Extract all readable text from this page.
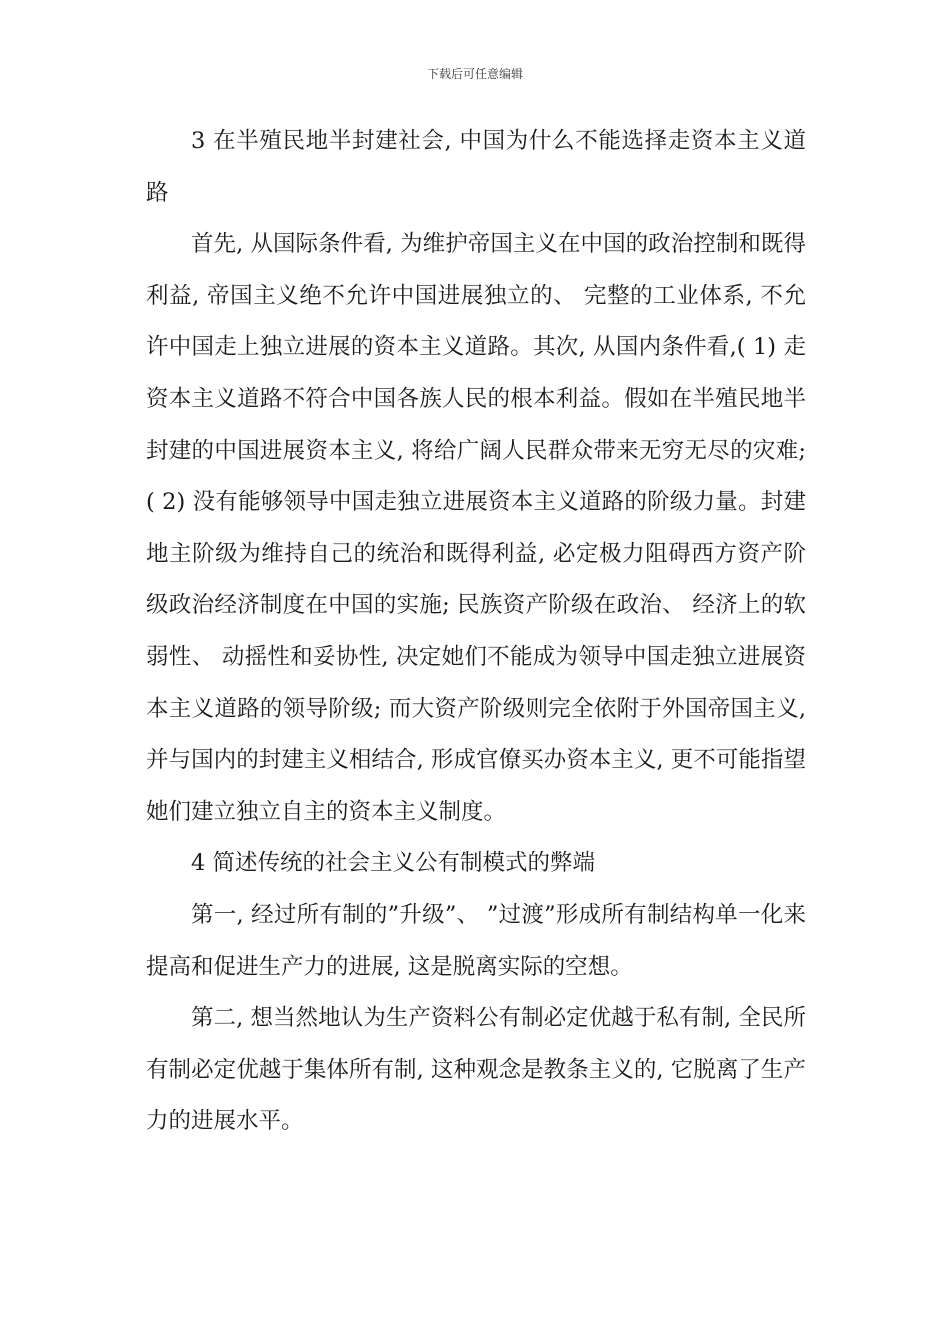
下载后可任意编辑

3 在半殖民地半封建社会, 中国为什么不能选择走资本主义道路

首先, 从国际条件看, 为维护帝国主义在中国的政治控制和既得利益, 帝国主义绝不允许中国进展独立的、 完整的工业体系, 不允许中国走上独立进展的资本主义道路。其次, 从国内条件看,( 1) 走资本主义道路不符合中国各族人民的根本利益。假如在半殖民地半封建的中国进展资本主义, 将给广阔人民群众带来无穷无尽的灾难;( 2) 没有能够领导中国走独立进展资本主义道路的阶级力量。封建地主阶级为维持自己的统治和既得利益, 必定极力阻碍西方资产阶级政治经济制度在中国的实施; 民族资产阶级在政治、 经济上的软弱性、 动摇性和妥协性, 决定她们不能成为领导中国走独立进展资本主义道路的领导阶级; 而大资产阶级则完全依附于外国帝国主义, 并与国内的封建主义相结合, 形成官僚买办资本主义, 更不可能指望她们建立独立自主的资本主义制度。

4 简述传统的社会主义公有制模式的弊端

第一, 经过所有制的”升级”、 ”过渡”形成所有制结构单一化来提高和促进生产力的进展, 这是脱离实际的空想。

第二, 想当然地认为生产资料公有制必定优越于私有制, 全民所有制必定优越于集体所有制, 这种观念是教条主义的, 它脱离了生产力的进展水平。
